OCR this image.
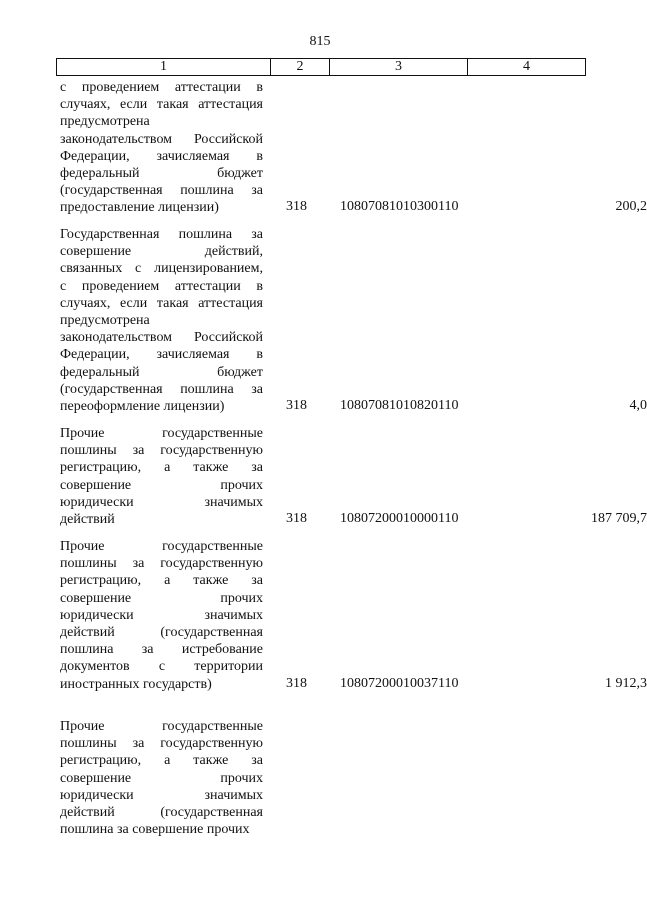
815
1	2	3	4
с проведением аттестации в
случаях, если такая аттестация
предусмотрена
законодательством Российской
Федерации, зачисляемая в
федеральный бюджет
(государственная пошлина за
предоставление лицензии)	318	10807081010300110	200,2
Государственная пошлина за
совершение действий,
связанных с лицензированием,
с проведением аттестации в
случаях, если такая аттестация
предусмотрена
законодательством Российской
Федерации, зачисляемая в
федеральный бюджет
(государственная пошлина за
переоформление лицензии)	318	10807081010820110	4,0
Прочие государственные
пошлины за государственную
регистрацию, а также за
совершение прочих
юридически значимых
действий	318	10807200010000110	187 709,7
Прочие государственные
пошлины за государственную
регистрацию, а также за
совершение прочих
юридически значимых
действий (государственная
пошлина за истребование
документов с территории
иностранных государств)	318	10807200010037110	1 912,3
Прочие государственные
пошлины за государственную
регистрацию, а также за
совершение прочих
юридически значимых
действий (государственная
пошлина за совершение прочих
